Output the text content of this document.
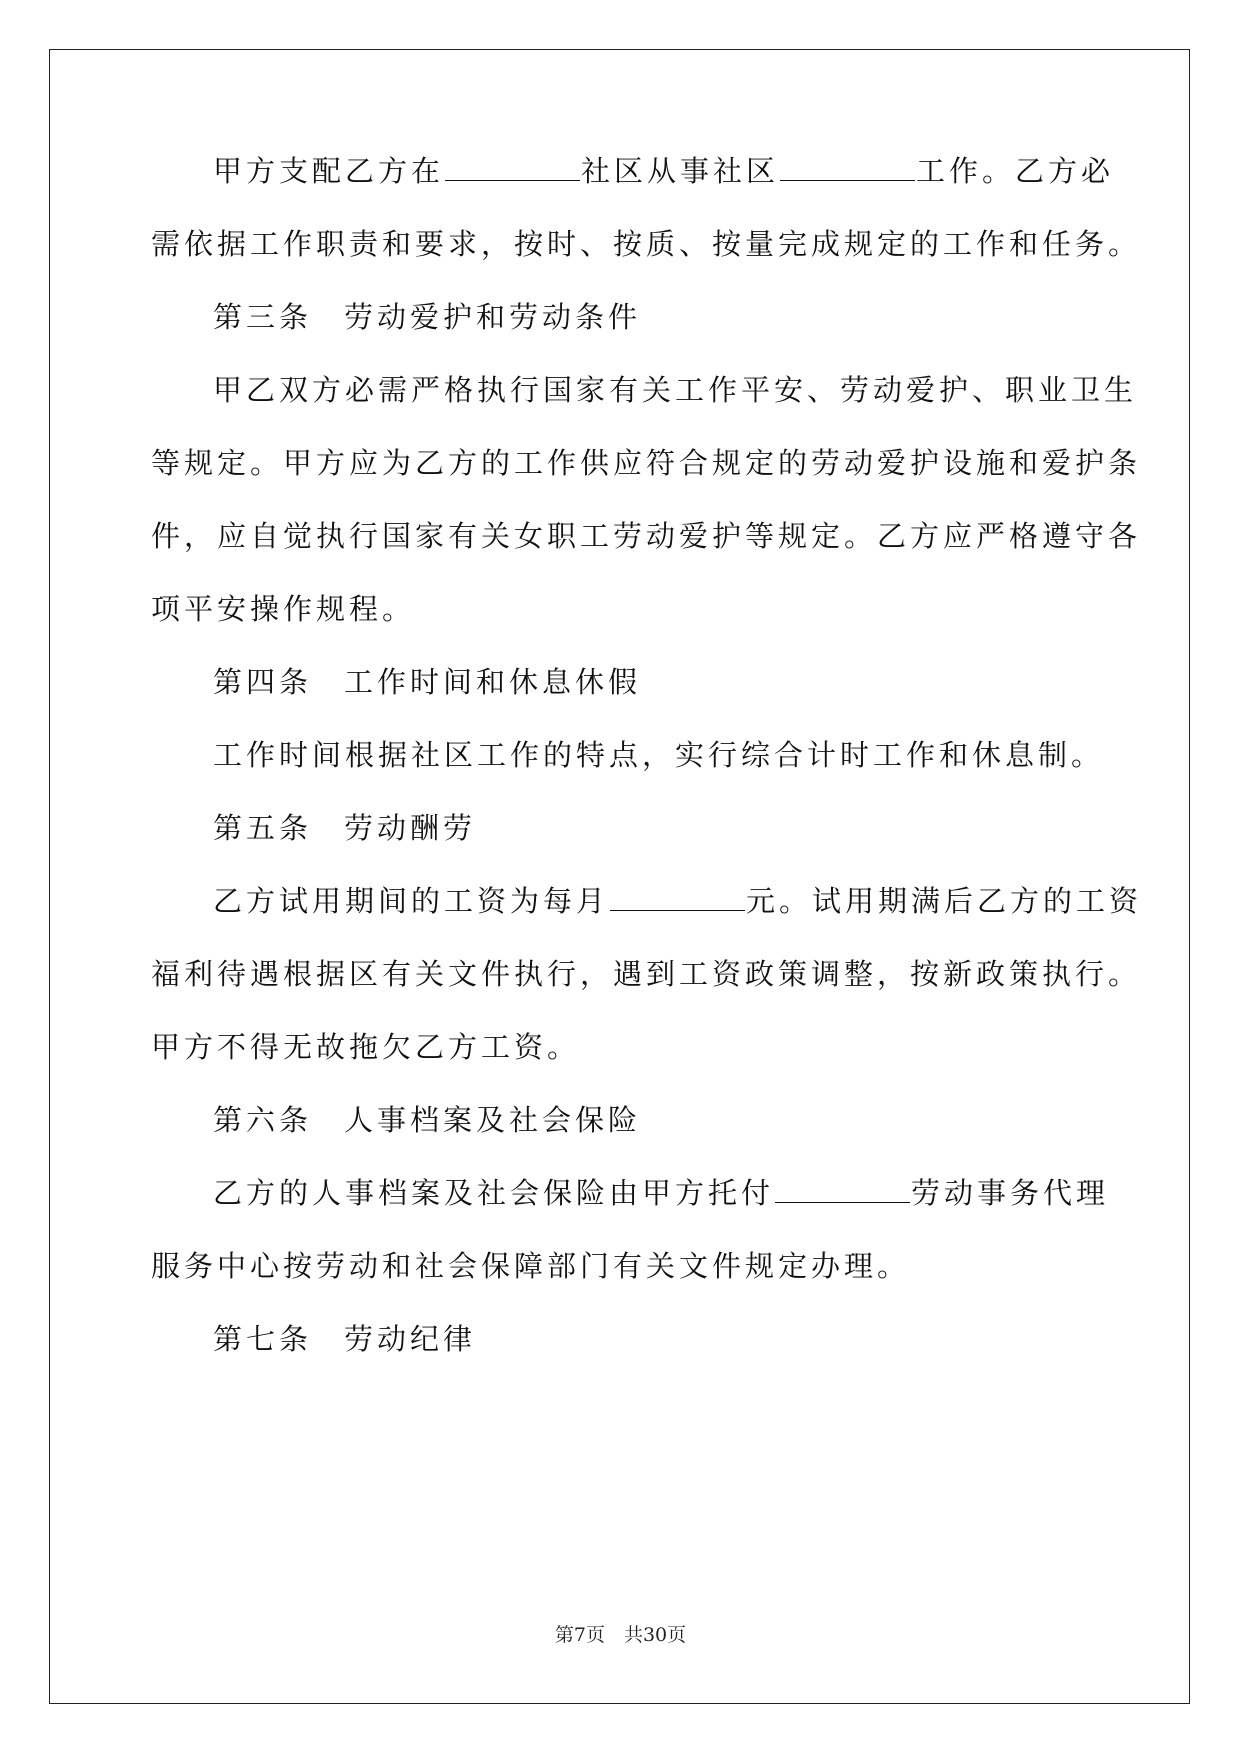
甲方支配乙方在	社区从事社区	工作。乙方必
需依据工作职责和要求，按时、按质、按量完成规定的工作和任务。
第三条 劳动爱护和劳动条件
甲乙双方必需严格执行国家有关工作平安、劳动爱护、职业卫生
等规定。甲方应为乙方的工作供应符合规定的劳动爱护设施和爱护条
件，应自觉执行国家有关女职工劳动爱护等规定。乙方应严格遵守各
项平安操作规程。
第四条 工作时间和休息休假
工作时间根据社区工作的特点，实行综合计时工作和休息制。
第五条 劳动酬劳
乙方试用期间的工资为每月	元。试用期满后乙方的工资
福利待遇根据区有关文件执行，遇到工资政策调整，按新政策执行。
甲方不得无故拖欠乙方工资。
第六条 人事档案及社会保险
乙方的人事档案及社会保险由甲方托付	劳动事务代理
服务中心按劳动和社会保障部门有关文件规定办理。
第七条 劳动纪律
第7页　共30页
